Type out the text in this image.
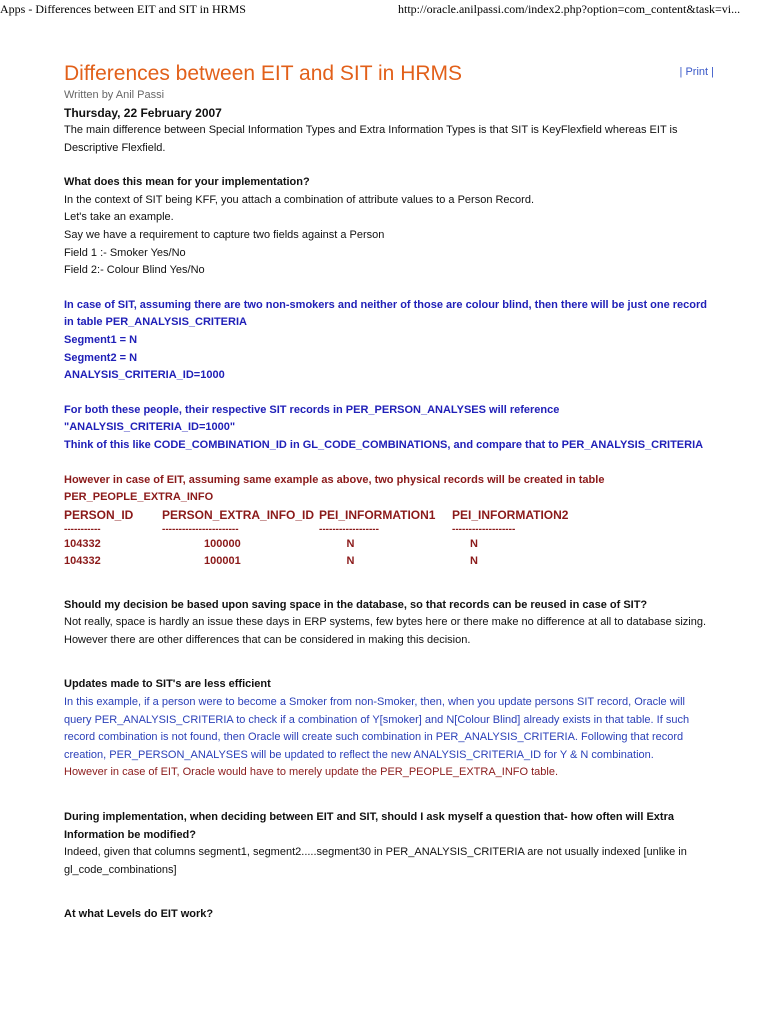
Apps - Differences between EIT and SIT in HRMS	http://oracle.anilpassi.com/index2.php?option=com_content&task=vi...
Differences between EIT and SIT in HRMS	| Print |
Written by Anil Passi
Thursday, 22 February 2007

The main difference between Special Information Types and Extra Information Types is that SIT is KeyFlexfield whereas EIT is Descriptive Flexfield.

What does this mean for your implementation?

In the context of SIT being KFF, you attach a combination of attribute values to a Person Record.

Let's take an example.

Say we have a requirement to capture two fields against a Person

Field 1 :- Smoker Yes/No

Field 2:- Colour Blind Yes/No

In case of SIT, assuming there are two non-smokers and neither of those are colour blind, then there will be just one record in table PER_ANALYSIS_CRITERIA
Segment1 = N
Segment2 = N
ANALYSIS_CRITERIA_ID=1000
For both these people, their respective SIT records in PER_PERSON_ANALYSES will reference "ANALYSIS_CRITERIA_ID=1000"
Think of this like CODE_COMBINATION_ID in GL_CODE_COMBINATIONS, and compare that to PER_ANALYSIS_CRITERIA
However in case of EIT, assuming same example as above, two physical records will be created in table PER_PEOPLE_EXTRA_INFO
PERSON_ID	PERSON_EXTRA_INFO_ID	PEI_INFORMATION1	PEI_INFORMATION2
-----------	-----------------------	------------------	-------------------
104332	100000	N	N
104332	100001	N	N
Should my decision be based upon saving space in the database, so that records can be reused in case of SIT?

Not really, space is hardly an issue these days in ERP systems, few bytes here or there make no difference at all to database sizing.

However there are other differences that can be considered in making this decision.

Updates made to SIT's are less efficient
In this example, if a person were to become a Smoker from non-Smoker, then, when you update persons SIT record, Oracle will query PER_ANALYSIS_CRITERIA to check if a combination of Y[smoker] and N[Colour Blind] already exists in that table. If such record combination is not found, then Oracle will create such combination in PER_ANALYSIS_CRITERIA. Following that record creation, PER_PERSON_ANALYSES will be updated to reflect the new ANALYSIS_CRITERIA_ID for Y & N combination.
However in case of EIT, Oracle would have to merely update the PER_PEOPLE_EXTRA_INFO table.
During implementation, when deciding between EIT and SIT, should I ask myself a question that- how often will Extra Information be modified?

Indeed, given that columns segment1, segment2.....segment30 in PER_ANALYSIS_CRITERIA are not usually indexed [unlike in gl_code_combinations]

At what Levels do EIT work?
